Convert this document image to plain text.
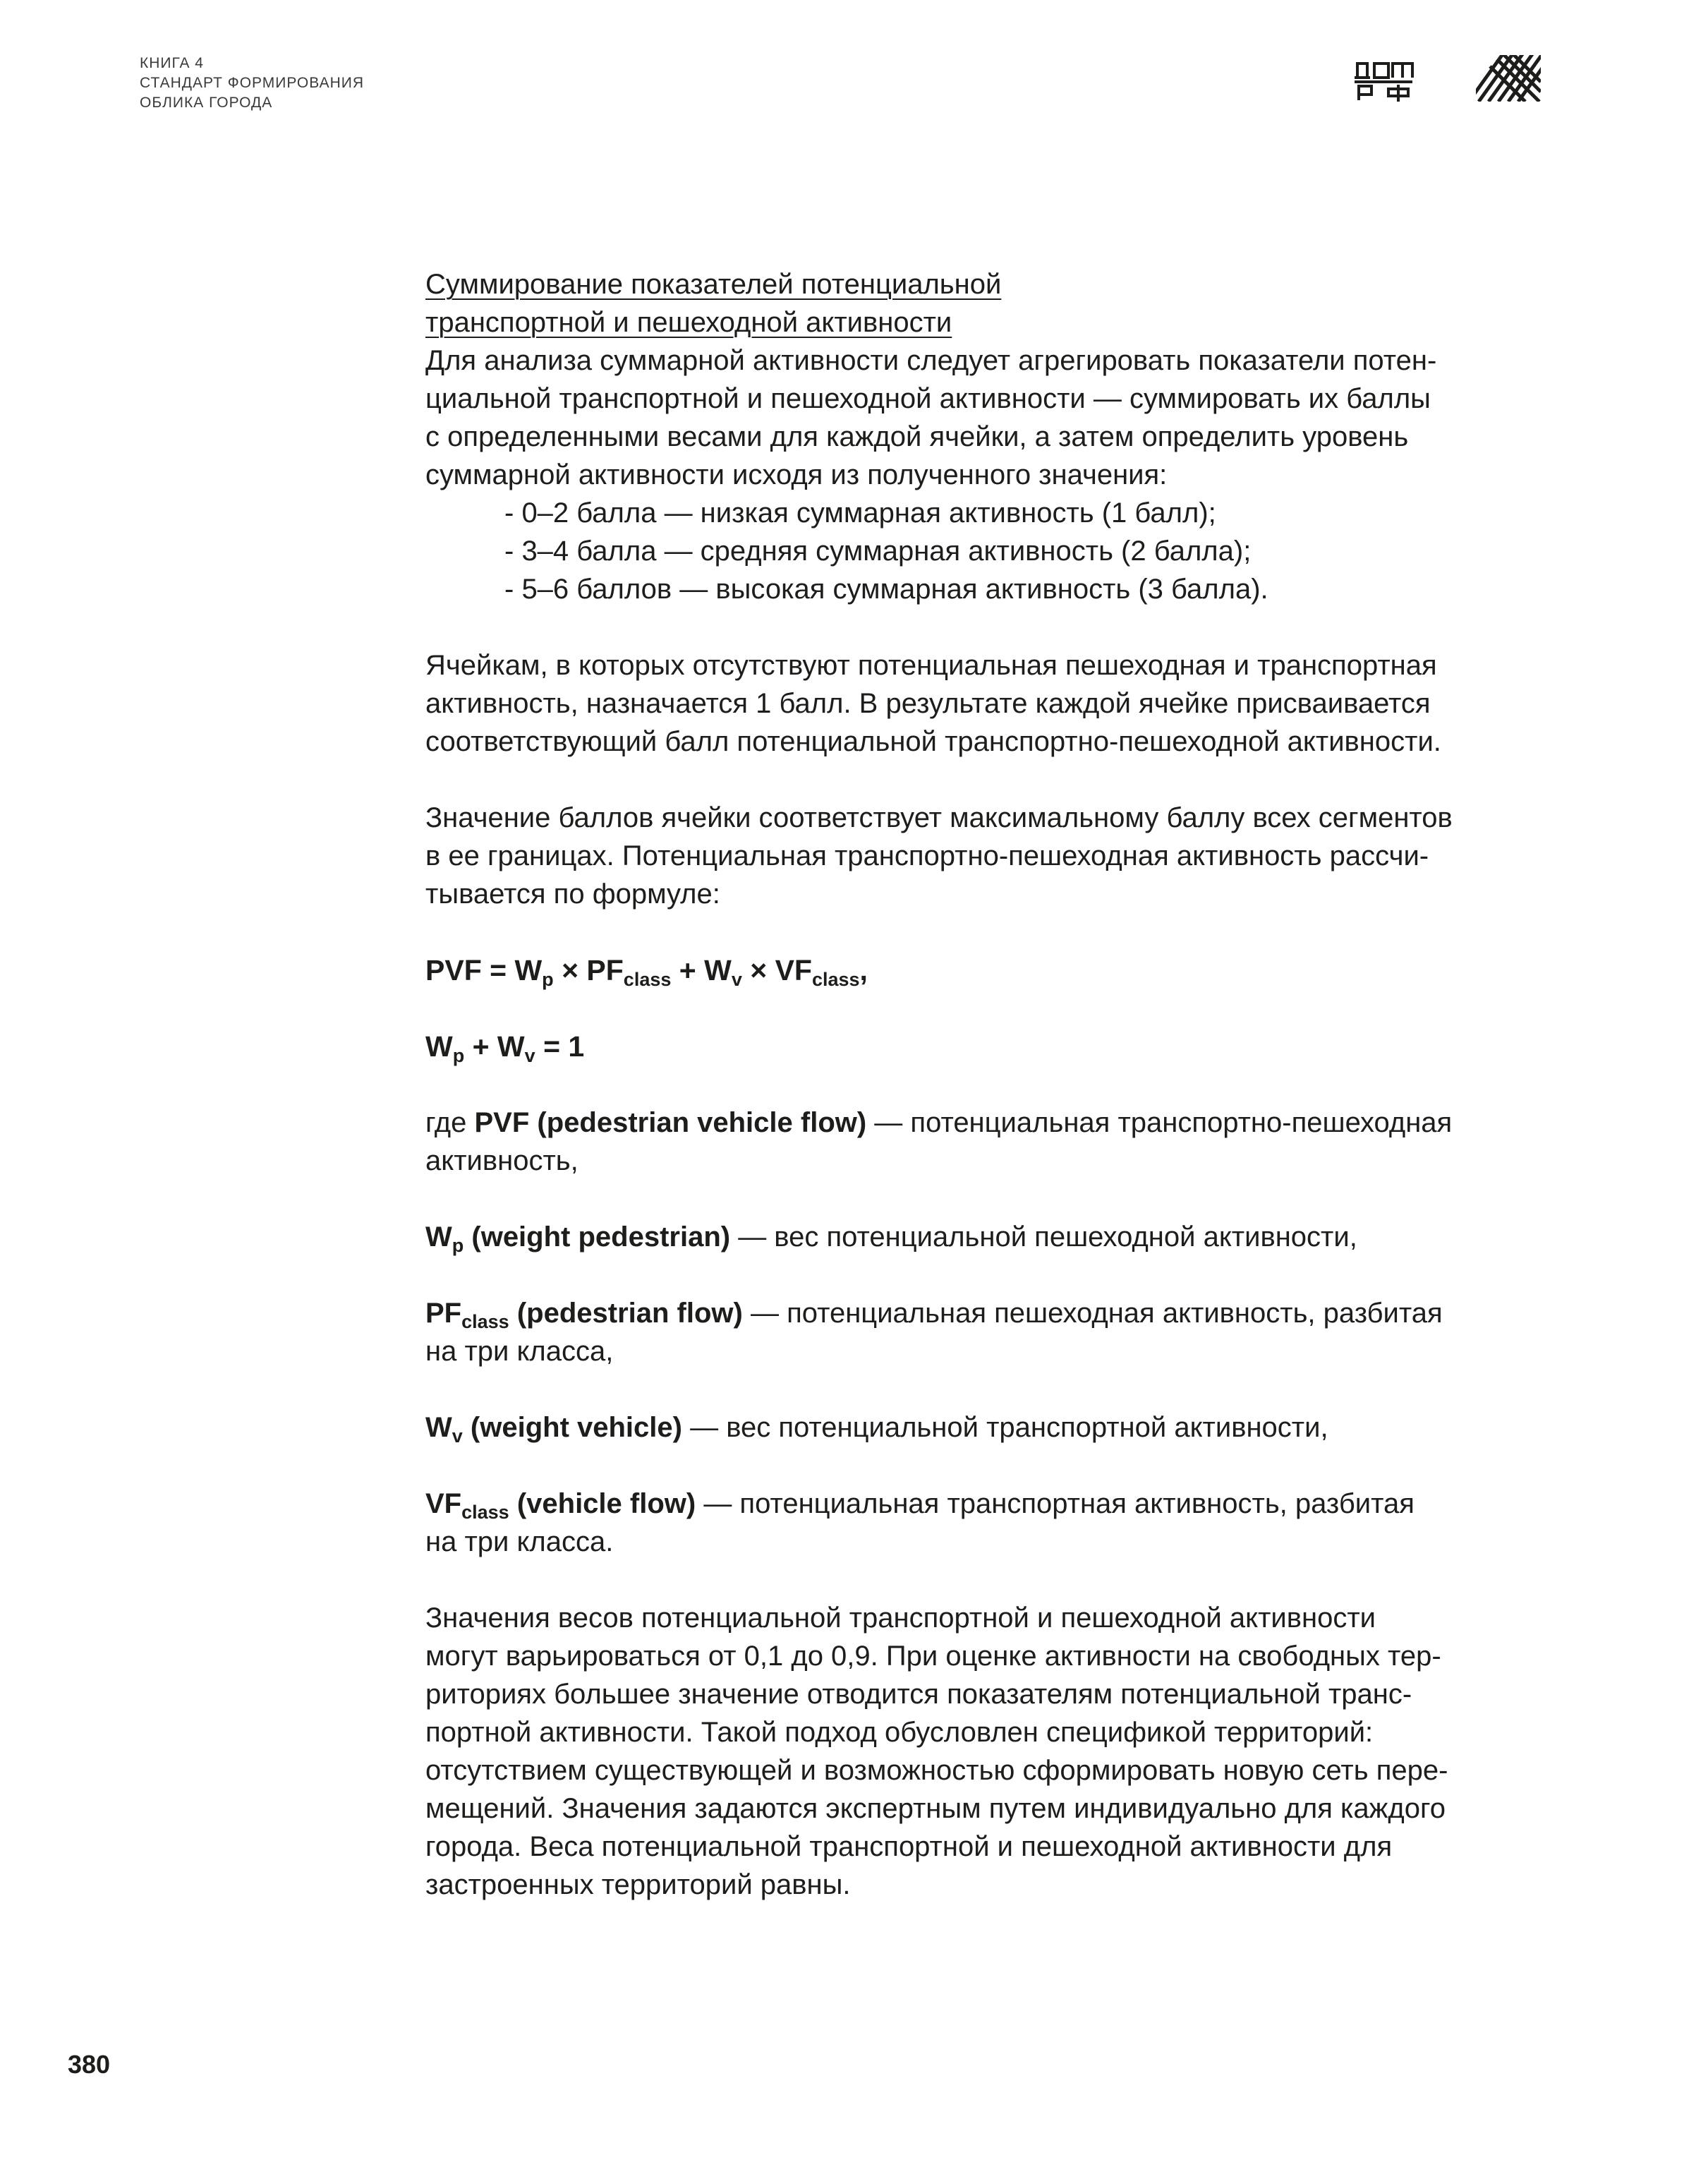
КНИГА 4
СТАНДАРТ ФОРМИРОВАНИЯ
ОБЛИКА ГОРОДА
Суммирование показателей потенциальной
транспортной и пешеходной активности

Для анализа суммарной активности следует агрегировать показатели потен-
циальной транспортной и пешеходной активности — суммировать их баллы
с определенными весами для каждой ячейки, а затем определить уровень
суммарной активности исходя из полученного значения:

- 0–2 балла — низкая суммарная активность (1 балл);
- 3–4 балла — средняя суммарная активность (2 балла);
- 5–6 баллов — высокая суммарная активность (3 балла).

Ячейкам, в которых отсутствуют потенциальная пешеходная и транспортная
активность, назначается 1 балл. В результате каждой ячейке присваивается
соответствующий балл потенциальной транспортно-пешеходной активности.

Значение баллов ячейки соответствует максимальному баллу всех сегментов
в ее границах. Потенциальная транспортно-пешеходная активность рассчи-
тывается по формуле:

PVF = $W_p \times PF_{class} + W_v \times VF_{class}$,

$W_p + W_v = 1$

где PVF (pedestrian vehicle flow) — потенциальная транспортно-пешеходная
активность,

$W_p$ (weight pedestrian) — вес потенциальной пешеходной активности,

$PF_{class}$ (pedestrian flow) — потенциальная пешеходная активность, разбитая
на три класса,

$W_v$ (weight vehicle) — вес потенциальной транспортной активности,

$VF_{class}$ (vehicle flow) — потенциальная транспортная активность, разбитая
на три класса.

Значения весов потенциальной транспортной и пешеходной активности
могут варьироваться от 0,1 до 0,9. При оценке активности на свободных тер-
риториях большее значение отводится показателям потенциальной транс-
портной активности. Такой подход обусловлен спецификой территорий:
отсутствием существующей и возможностью сформировать новую сеть пере-
мещений. Значения задаются экспертным путем индивидуально для каждого
города. Веса потенциальной транспортной и пешеходной активности для
застроенных территорий равны.

380
